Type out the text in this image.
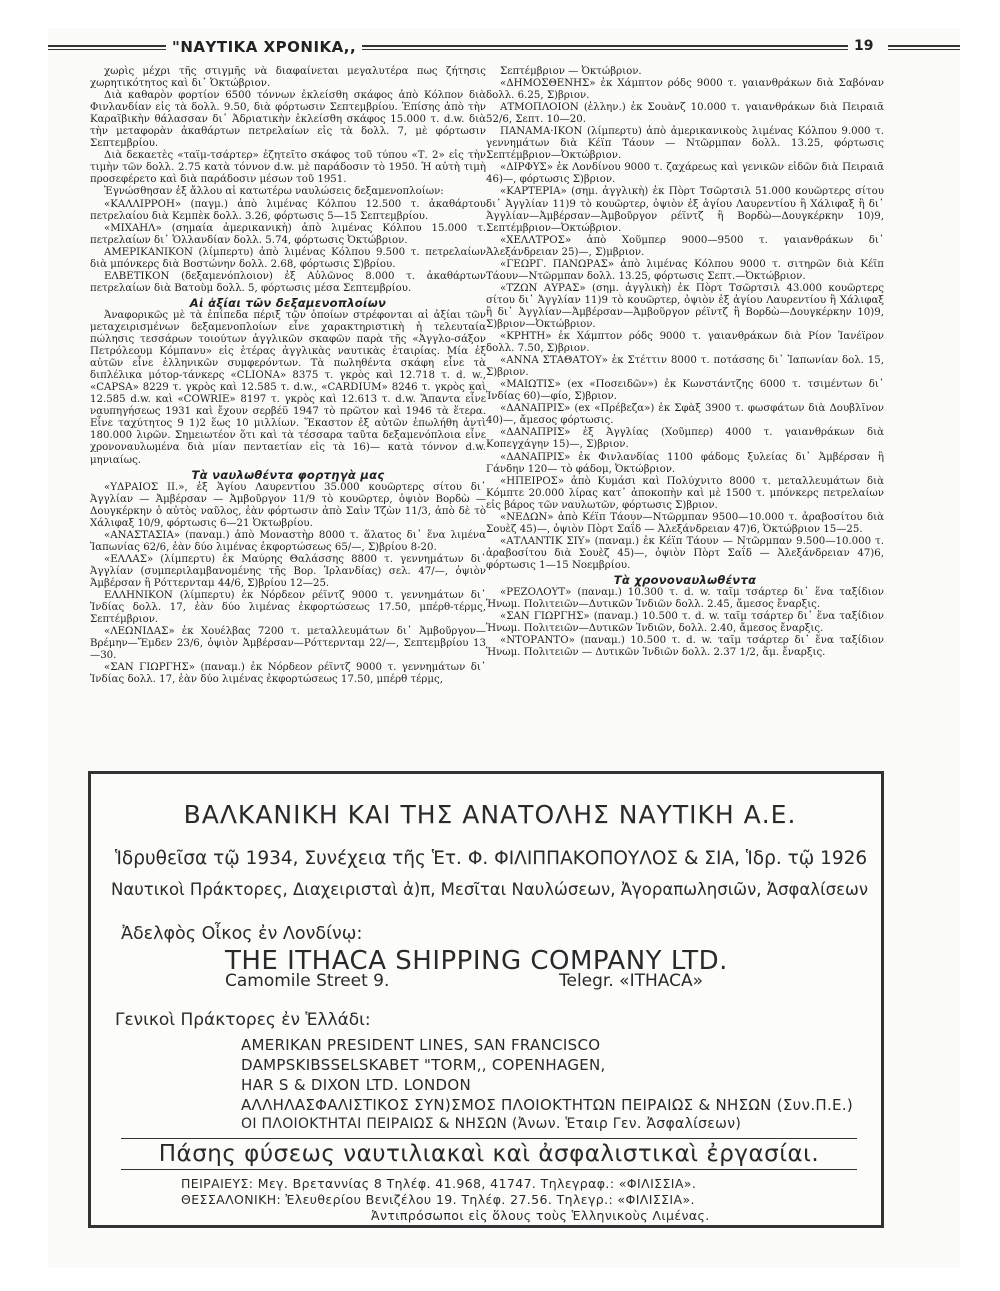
"ΝΑΥΤΙΚΑ ΧΡΟΝΙΚΑ,,	19

χωρὶς μέχρι τῆς στιγμῆς νὰ διαφαίνεται μεγαλυτέρα πως ζήτησις χωρητικότητος καὶ δι᾿ Ὀκτώβριον.

Διὰ καθαρὸν φορτίον 6500 τόννων ἐκλείσθη σκάφος ἀπὸ Κόλπον διὰ Φινλανδίαν εἰς τὰ δολλ. 9.50, διὰ φόρτωσιν Σεπτεμβρίου. Ἐπίσης ἀπὸ τὴν Καραϊβικὴν θάλασσαν δι᾿ Ἀδριατικὴν ἐκλείσθη σκάφος 15.000 τ. d.w. διὰ τὴν μεταφορὰν ἀκαθάρτων πετρελαίων εἰς τὰ δολλ. 7, μὲ φόρτωσιν Σεπτεμβρίου.

Διὰ δεκαετὲς «ταϊμ-τσάρτερ» ἐζητεῖτο σκάφος τοῦ τύπου «Τ. 2» εἰς τὴν τιμὴν τῶν δολλ. 2.75 κατὰ τόννον d.w. μὲ παράδοσιν τὸ 1950. Ἡ αὐτὴ τιμὴ προσεφέρετο καὶ διὰ παράδοσιν μέσων τοῦ 1951.

Ἐγνώσθησαν ἐξ ἄλλου αἱ κατωτέρω ναυλώσεις δεξαμενοπλοίων:

«ΚΑΛΛΙΡΡΟΗ» (παγμ.) ἀπὸ λιμένας Κόλπου 12.500 τ. ἀκαθάρτου πετρελαίου διὰ Κεμπὲκ δολλ. 3.26, φόρτωσις 5—15 Σεπτεμβρίου.

«ΜΙΧΑΗΛ» (σημαία ἀμερικανικὴ) ἀπὸ λιμένας Κόλπου 15.000 τ. πετρελαίων δι᾿ Ὁλλανδίαν δολλ. 5.74, φόρτωσις Ὀκτώβριον.

ΑΜΕΡΙΚΑΝΙΚΟΝ (λίμπερτυ) ἀπὸ λιμένας Κόλπου 9.500 τ. πετρελαίων διὰ μπόνκερς διὰ Βοστώνην δολλ. 2.68, φόρτωσις Σ)βρίου.

ΕΛΒΕΤΙΚΟΝ (δεξαμενόπλοιον) ἐξ Αὐλῶνος 8.000 τ. ἀκαθάρτων πετρελαίων διὰ Βατοὺμ δολλ. 5, φόρτωσις μέσα Σεπτεμβρίου.

Αἱ ἀξίαι τῶν δεξαμενοπλοίων

Ἀναφορικῶς μὲ τὰ ἐπίπεδα πέριξ τῶν ὁποίων στρέφονται αἱ ἀξίαι τῶν μεταχειρισμένων δεξαμενοπλοίων εἶνε χαρακτηριστικὴ ἡ τελευταία πώλησις τεσσάρων τοιούτων ἀγγλικῶν σκαφῶν παρὰ τῆς «Ἀγγλο-σάξον Πετρόλεουμ Κόμπανυ» εἰς ἑτέρας ἀγγλικὰς ναυτικὰς ἑταιρίας. Μία ἐξ αὐτῶν εἶνε ἑλληνικῶν συμφερόντων. Τὰ πωληθέντα σκάφη εἶνε τὰ διπλέλικα μότορ-τάνκερς «CLIONA» 8375 τ. γκρὸς καὶ 12.718 τ. d. w., «CAPSA» 8229 τ. γκρὸς καὶ 12.585 τ. d.w., «CARDIUM» 8246 τ. γκρὸς καὶ 12.585 d.w. καὶ «COWRIE» 8197 τ. γκρὸς καὶ 12.613 τ. d.w. Ἅπαντα εἶνε ναυπηγήσεως 1931 καὶ ἔχουν σερβέϋ 1947 τὸ πρῶτον καὶ 1946 τὰ ἕτερα. Εἶνε ταχύτητος 9 1)2 ἕως 10 μιλλίων. Ἕκαστον ἐξ αὐτῶν ἐπωλήθη ἀντὶ 180.000 λιρῶν. Σημειωτέον ὅτι καὶ τὰ τέσσαρα ταῦτα δεξαμενόπλοια εἶνε χρονοναυλωμένα διὰ μίαν πενταετίαν εἰς τὰ 16)— κατὰ τόννον d.w. μηνιαίως.

Τὰ ναυλωθέντα φορτηγὰ μας

«ΥΔΡΑΙΟΣ ΙΙ.», ἐξ Ἁγίου Λαυρεντίου 35.000 κουῶρτερς σίτου δι᾿ Ἀγγλίαν — Ἀμβέρσαν — Ἀμβοῦργον 11/9 τὸ κουῶρτερ, ὀψιὸν Βορδὼ —Δουγκέρκην ὁ αὐτὸς ναῦλος, ἐὰν φόρτωσιν ἀπὸ Σαὶν Τζὼν 11/3, ἀπὸ δὲ τὸ Χάλιφαξ 10/9, φόρτωσις 6—21 Ὀκτωβρίου.

«ΑΝΑΣΤΑΣΙΑ» (παναμ.) ἀπὸ Μοναστὴρ 8000 τ. ἅλατος δι᾿ ἕνα λιμένα Ἰαπωνίας 62/6, ἐὰν δύο λιμένας ἐκφορτώσεως 65/—, Σ)βρίου 8-20.

«ΕΛΛΑΣ» (λίμπερτυ) ἐκ Μαύρης Θαλάσσης 8800 τ. γεννημάτων δι᾿ Ἀγγλίαν (συμπεριλαμβανομένης τῆς Βορ. Ἰρλανδίας) σελ. 47/—, ὀψιὸν Ἀμβέρσαν ἢ Ρόττερνταμ 44/6, Σ)βρίου 12—25.

ΕΛΛΗΝΙΚΟΝ (λίμπερτυ) ἐκ Νόρδεον ρέϊντζ 9000 τ. γεννημάτων δι᾿ Ἰνδίας δολλ. 17, ἐὰν δύο λιμένας ἐκφορτώσεως 17.50, μπέρθ-τέρμς, Σεπτέμβριον.

«ΛΕΩΝΙΔΑΣ» ἐκ Χουέλβας 7200 τ. μεταλλευμάτων δι᾿ Ἀμβοῦργον—Βρέμην—Ἔμδεν 23/6, ὀψιὸν Ἀμβέρσαν—Ρόττερνταμ 22/—, Σεπτεμβρίου 13—30.

«ΣΑΝ ΓΙΩΡΓΗΣ» (παναμ.) ἐκ Νόρδεον ρέϊντζ 9000 τ. γεννημάτων δι᾿ Ἰνδίας δολλ. 17, ἐὰν δύο λιμένας ἐκφορτώσεως 17.50, μπέρθ τέρμς,

Σεπτέμβριον — Ὀκτώβριον.

«ΔΗΜΟΣΘΕΝΗΣ» ἐκ Χάμπτον ρόδς 9000 τ. γαιανθράκων διὰ Σαβόναν δολλ. 6.25, Σ)βριον.

ΑΤΜΟΠΛΟΙΟΝ (ἑλλην.) ἐκ Σουὰνζ 10.000 τ. γαιανθράκων διὰ Πειραιᾶ 52/6, Σεπτ. 10—20.

ΠΑΝΑΜΑ·ΙΚΟΝ (λίμπερτυ) ἀπὸ ἀμερικανικοὺς λιμένας Κόλπου 9.000 τ. γεννημάτων διὰ Κέϊπ Τάουν — Ντῶρμπαν δολλ. 13.25, φόρτωσις Σεπτέμβριον—Ὀκτώβριον.

«ΔΙΡΦΥΣ» ἐκ Λονδίνου 9000 τ. ζαχάρεως καὶ γενικῶν εἰδῶν διὰ Πειραιᾶ 46)—, φόρτωσις Σ)βριον.

«ΚΑΡΤΕΡΙΑ» (σημ. ἀγγλικὴ) ἐκ Πὸρτ Τσῶρτσιλ 51.000 κουῶρτερς σίτου δι᾿ Ἀγγλίαν 11)9 τὸ κουῶρτερ, ὀψιὸν ἐξ ἁγίου Λαυρεντίου ἢ Χάλιφαξ ἢ δι᾿ Ἀγγλίαν—Ἀμβέρσαν—Ἀμβοῦργον ρέϊντζ ἢ Βορδὼ—Δουγκέρκην 10)9, Σεπτέμβριον—Ὀκτώβριον.

«ΧΕΛΛΤΡΟΣ» ἀπὸ Χοῦμπερ 9000—9500 τ. γαιανθράκων δι᾿ Ἀλεξάνδρειαν 25)—, Σ)μβριον.

«ΓΕΩΡΓ. ΠΑΝΩΡΑΣ» ἀπὸ λιμένας Κόλπου 9000 τ. σιτηρῶν διὰ Κέϊπ Τάουν—Ντῶρμπαν δολλ. 13.25, φόρτωσις Σεπτ.—Ὀκτώβριον.

«ΤΖΩΝ ΑΥΡΑΣ» (σημ. ἀγγλικὴ) ἐκ Πὸρτ Τσῶρτσιλ 43.000 κουῶρτερς σίτου δι᾿ Ἀγγλίαν 11)9 τὸ κουῶρτερ, ὀψιὸν ἐξ ἁγίου Λαυρεντίου ἢ Χάλιφαξ ἢ δι᾿ Ἀγγλίαν—Ἀμβέρσαν—Ἀμβοῦργον ρέϊντζ ἢ Βορδὼ—Δουγκέρκην 10)9, Σ)βριον—Ὀκτώβριον.

«ΚΡΗΤΗ» ἐκ Χάμπτον ρόδς 9000 τ. γαιανθράκων διὰ Ρίον Ἰανέϊρον δολλ. 7.50, Σ)βριον.

«ΑΝΝΑ ΣΤΑΘΑΤΟΥ» ἐκ Στέττιν 8000 τ. ποτάσσης δι᾿ Ἰαπωνίαν δολ. 15, Σ)βριον.

«ΜΑΙΩΤΙΣ» (ex «Ποσειδῶν») ἐκ Κωνστάντζης 6000 τ. τσιμέντων δι᾿ Ἰνδίας 60)—φίο, Σ)βριον.

«ΔΑΝΑΠΡΙΣ» (ex «Πρέβεζα») ἐκ Σφὰξ 3900 τ. φωσφάτων διὰ Δουβλῖνον 40)—, ἄμεσος φόρτωσις.

«ΔΑΝΑΠΡΙΣ» ἐξ Ἀγγλίας (Χοῦμπερ) 4000 τ. γαιανθράκων διὰ Κοπεγχάγην 15)—, Σ)βριον.

«ΔΑΝΑΠΡΙΣ» ἐκ Φινλανδίας 1100 φάδομς ξυλείας δι᾿ Ἀμβέρσαν ἢ Γάνδην 120— τὸ φάδομ, Ὀκτώβριον.

«ΗΠΕΙΡΟΣ» ἀπὸ Κυμάσι καὶ Πολύχνιτο 8000 τ. μεταλλευμάτων διὰ Κόμπτε 20.000 λίρας κατ᾿ ἀποκοπὴν καὶ μὲ 1500 τ. μπόνκερς πετρελαίων εἰς βάρος τῶν ναυλωτῶν, φόρτωσις Σ)βριον.

«ΝΕΔΩΝ» ἀπὸ Κέϊπ Τάουν—Ντῶρμπαν 9500—10.000 τ. ἀραβοσίτου διὰ Σουὲζ 45)—, ὀψιὸν Πὸρτ Σαΐδ — Ἀλεξάνδρειαν 47)6, Ὀκτώβριον 15—25.

«ΑΤΛΑΝΤΙΚ ΣΙΥ» (παναμ.) ἐκ Κέϊπ Τάουν — Ντῶρμπαν 9.500—10.000 τ. ἀραβοσίτου διὰ Σουὲζ 45)—, ὀψιὸν Πὸρτ Σαΐδ — Ἀλεξάνδρειαν 47)6, φόρτωσις 1—15 Νοεμβρίου.

Τὰ χρονοναυλωθέντα

«ΡΕΖΟΛΟΥΤ» (παναμ.) 10.300 τ. d. w. ταῖμ τσάρτερ δι᾿ ἕνα ταξίδιον Ἡνωμ. Πολιτειῶν—Δυτικῶν Ἰνδιῶν δολλ. 2.45, ἄμεσος ἔναρξις.

«ΣΑΝ ΓΙΩΡΓΗΣ» (παναμ.) 10.500 τ. d. w. ταῖμ τσάρτερ δι᾿ ἕνα ταξίδιον Ἡνωμ. Πολιτειῶν—Δυτικῶν Ἰνδιῶν, δολλ. 2.40, ἄμεσος ἔναρξις.

«ΝΤΟΡΑΝΤΟ» (παναμ.) 10.500 τ. d. w. ταῖμ τσάρτερ δι᾿ ἕνα ταξίδιον Ἡνωμ. Πολιτειῶν — Δυτικῶν Ἰνδιῶν δολλ. 2.37 1/2, ἄμ. ἔναρξις.

ΒΑΛΚΑΝΙΚΗ ΚΑΙ ΤΗΣ ΑΝΑΤΟΛΗΣ ΝΑΥΤΙΚΗ Α.Ε.
Ἱδρυθεῖσα τῷ 1934, Συνέχεια τῆς Ἑτ. Φ. ΦΙΛΙΠΠΑΚΟΠΟΥΛΟΣ & ΣΙΑ, Ἱδρ. τῷ 1926
Ναυτικοὶ Πράκτορες, Διαχειρισταὶ ἀ)π, Μεσῖται Ναυλώσεων, Ἀγοραπωλησιῶν, Ἀσφαλίσεων
Ἀδελφὸς Οἶκος ἐν Λονδίνῳ:
THE ITHACA SHIPPING COMPANY LTD.
Camomile Street 9.	Telegr. «ITHACA»
Γενικοὶ Πράκτορες ἐν Ἑλλάδι:
AMERIKAN PRESIDENT LINES, SAN FRANCISCO
DAMPSKIBSSELSKABET "TORM,, COPENHAGEN,
HAR S & DIXON LTD. LONDON
ΑΛΛΗΛΑΣΦΑΛΙΣΤΙΚΟΣ ΣΥΝ)ΣΜΟΣ ΠΛΟΙΟΚΤΗΤΩΝ ΠΕΙΡΑΙΩΣ & ΝΗΣΩΝ (Συν.Π.Ε.)
ΟΙ ΠΛΟΙΟΚΤΗΤΑΙ ΠΕΙΡΑΙΩΣ & ΝΗΣΩΝ (Ἀνων. Ἑταιρ Γεν. Ἀσφαλίσεων)
Πάσης φύσεως ναυτιλιακαὶ καὶ ἀσφαλιστικαὶ ἐργασίαι.
ΠΕΙΡΑΙΕΥΣ: Μεγ. Βρεταννίας 8 Τηλέφ. 41.968, 41747. Τηλεγραφ.: «ΦΙΛΙΣΣΙΑ».
ΘΕΣΣΑΛΟΝΙΚΗ: Ἐλευθερίου Βενιζέλου 19. Τηλέφ. 27.56. Τηλεγρ.: «ΦΙΛΙΣΣΙΑ».
Ἀντιπρόσωποι εἰς ὅλους τοὺς Ἑλληνικοὺς Λιμένας.
